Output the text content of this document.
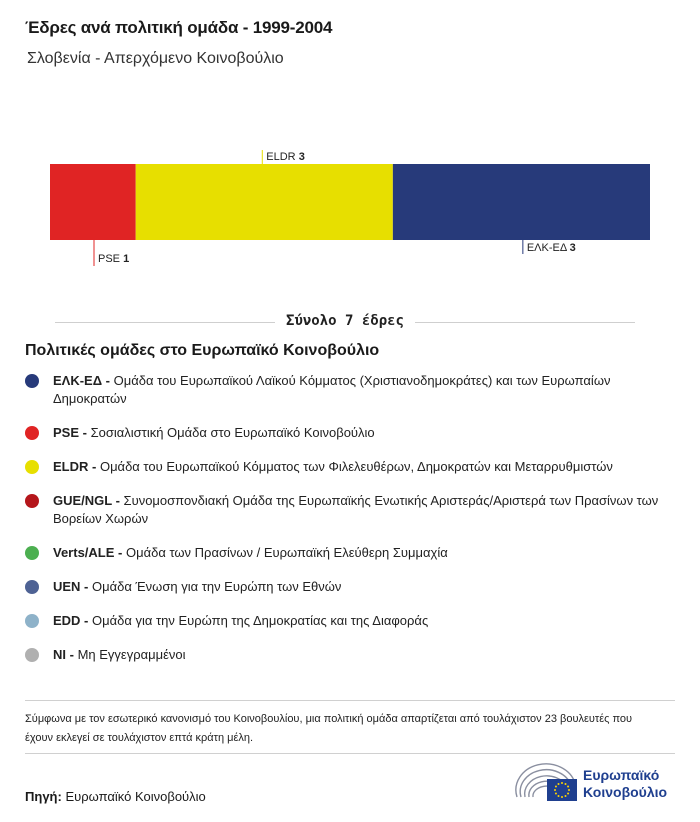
Έδρες ανά πολιτική ομάδα - 1999-2004
Σλοβενία - Απερχόμενο Κοινοβούλιο
PSE 1
ELDR 3
ΕΛΚ-ΕΔ 3
Σύνολο 7 έδρες
Πολιτικές ομάδες στο Ευρωπαϊκό Κοινοβούλιο
ΕΛΚ-ΕΔ - Ομάδα του Ευρωπαϊκού Λαϊκού Κόμματος (Χριστιανοδημοκράτες) και των Ευρωπαίων Δημοκρατών
PSE - Σοσιαλιστική Ομάδα στο Ευρωπαϊκό Κοινοβούλιο
ELDR - Ομάδα του Ευρωπαϊκού Κόμματος των Φιλελευθέρων, Δημοκρατών και Μεταρρυθμιστών
GUE/NGL - Συνομοσπονδιακή Ομάδα της Ευρωπαϊκής Ενωτικής Αριστεράς/Αριστερά των Πρασίνων των Βορείων Χωρών
Verts/ALE - Ομάδα των Πρασίνων / Ευρωπαϊκή Ελεύθερη Συμμαχία
UEN - Ομάδα Ένωση για την Ευρώπη των Εθνών
EDD - Ομάδα για την Ευρώπη της Δημοκρατίας και της Διαφοράς
NI - Μη Εγγεγραμμένοι
Σύμφωνα με τον εσωτερικό κανονισμό του Κοινοβουλίου, μια πολιτική ομάδα απαρτίζεται από τουλάχιστον 23 βουλευτές που έχουν εκλεγεί σε τουλάχιστον επτά κράτη μέλη.
Πηγή: Ευρωπαϊκό Κοινοβούλιο
Ευρωπαϊκό
Κοινοβούλιο
